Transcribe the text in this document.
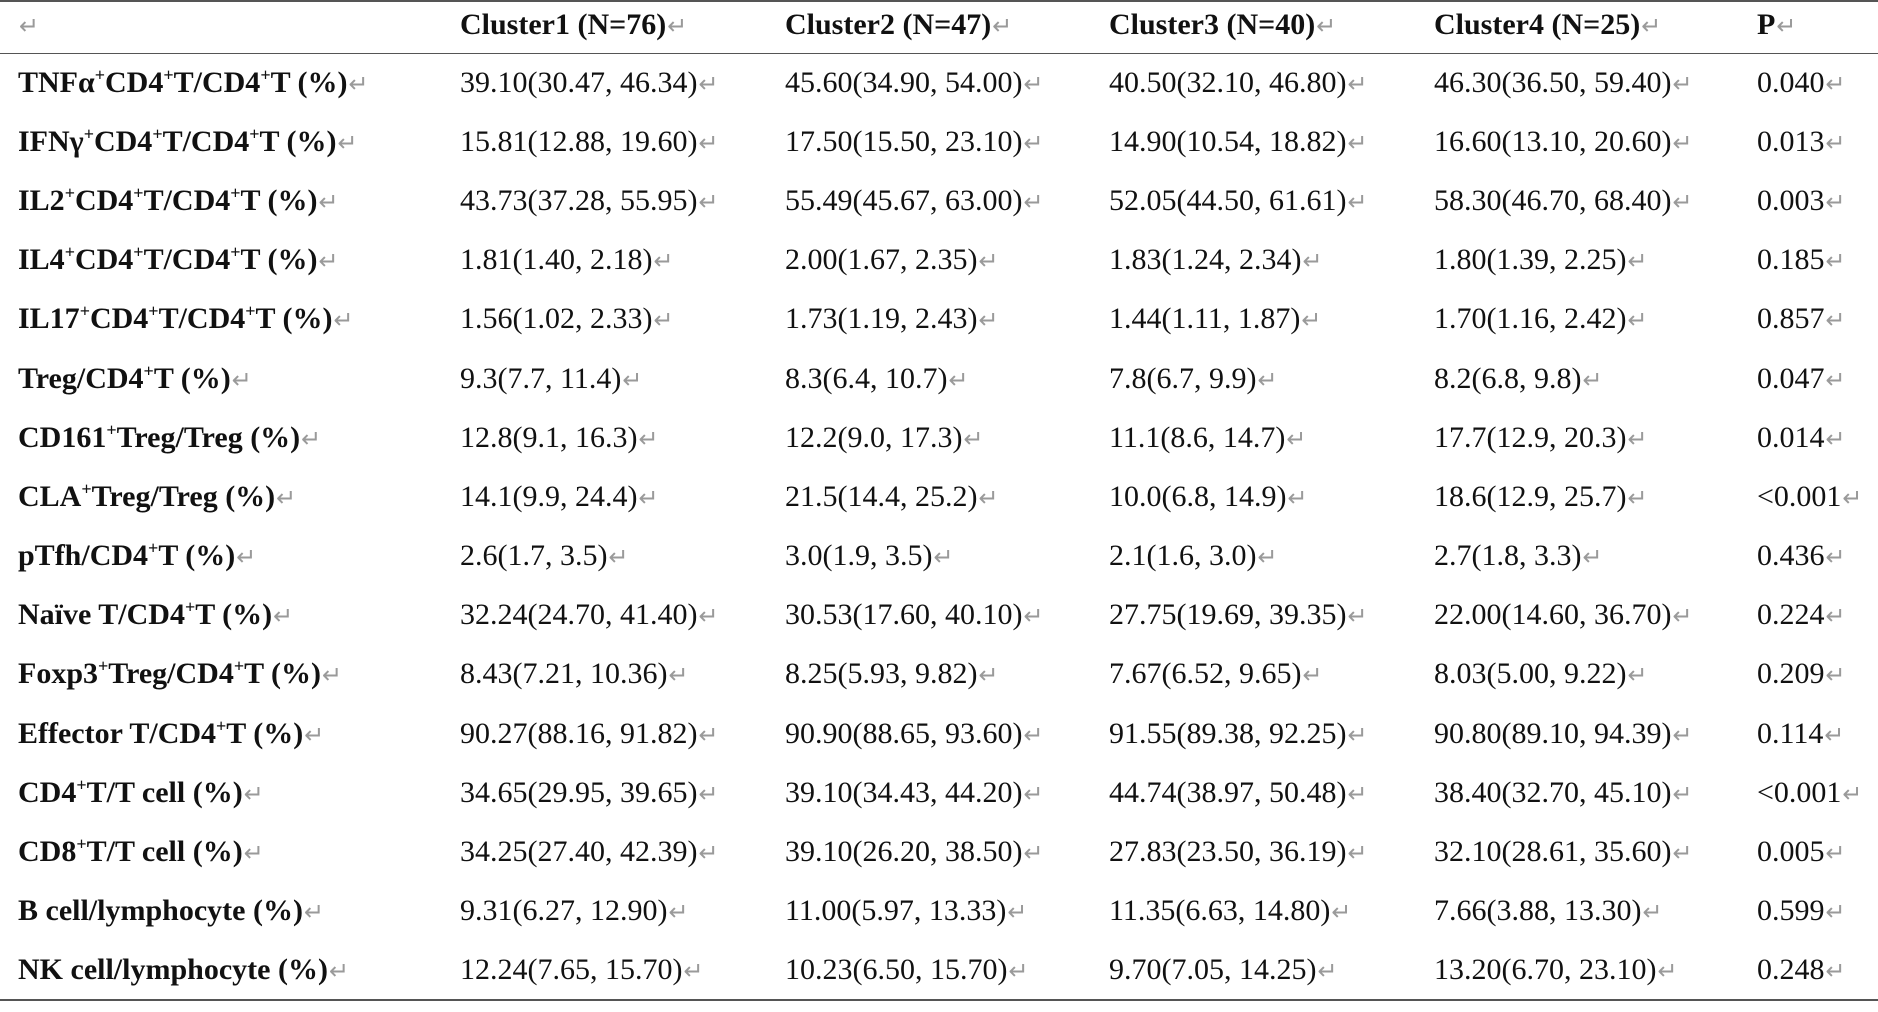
↵	Cluster1 (N=76)↵	Cluster2 (N=47)↵	Cluster3 (N=40)↵	Cluster4 (N=25)↵	P↵
TNFα+CD4+T/CD4+T (%)↵	39.10(30.47, 46.34)↵	45.60(34.90, 54.00)↵	40.50(32.10, 46.80)↵	46.30(36.50, 59.40)↵	0.040↵
IFNγ+CD4+T/CD4+T (%)↵	15.81(12.88, 19.60)↵	17.50(15.50, 23.10)↵	14.90(10.54, 18.82)↵	16.60(13.10, 20.60)↵	0.013↵
IL2+CD4+T/CD4+T (%)↵	43.73(37.28, 55.95)↵	55.49(45.67, 63.00)↵	52.05(44.50, 61.61)↵	58.30(46.70, 68.40)↵	0.003↵
IL4+CD4+T/CD4+T (%)↵	1.81(1.40, 2.18)↵	2.00(1.67, 2.35)↵	1.83(1.24, 2.34)↵	1.80(1.39, 2.25)↵	0.185↵
IL17+CD4+T/CD4+T (%)↵	1.56(1.02, 2.33)↵	1.73(1.19, 2.43)↵	1.44(1.11, 1.87)↵	1.70(1.16, 2.42)↵	0.857↵
Treg/CD4+T (%)↵	9.3(7.7, 11.4)↵	8.3(6.4, 10.7)↵	7.8(6.7, 9.9)↵	8.2(6.8, 9.8)↵	0.047↵
CD161+Treg/Treg (%)↵	12.8(9.1, 16.3)↵	12.2(9.0, 17.3)↵	11.1(8.6, 14.7)↵	17.7(12.9, 20.3)↵	0.014↵
CLA+Treg/Treg (%)↵	14.1(9.9, 24.4)↵	21.5(14.4, 25.2)↵	10.0(6.8, 14.9)↵	18.6(12.9, 25.7)↵	<0.001↵
pTfh/CD4+T (%)↵	2.6(1.7, 3.5)↵	3.0(1.9, 3.5)↵	2.1(1.6, 3.0)↵	2.7(1.8, 3.3)↵	0.436↵
Naïve T/CD4+T (%)↵	32.24(24.70, 41.40)↵	30.53(17.60, 40.10)↵	27.75(19.69, 39.35)↵	22.00(14.60, 36.70)↵	0.224↵
Foxp3+Treg/CD4+T (%)↵	8.43(7.21, 10.36)↵	8.25(5.93, 9.82)↵	7.67(6.52, 9.65)↵	8.03(5.00, 9.22)↵	0.209↵
Effector T/CD4+T (%)↵	90.27(88.16, 91.82)↵	90.90(88.65, 93.60)↵	91.55(89.38, 92.25)↵	90.80(89.10, 94.39)↵	0.114↵
CD4+T/T cell (%)↵	34.65(29.95, 39.65)↵	39.10(34.43, 44.20)↵	44.74(38.97, 50.48)↵	38.40(32.70, 45.10)↵	<0.001↵
CD8+T/T cell (%)↵	34.25(27.40, 42.39)↵	39.10(26.20, 38.50)↵	27.83(23.50, 36.19)↵	32.10(28.61, 35.60)↵	0.005↵
B cell/lymphocyte (%)↵	9.31(6.27, 12.90)↵	11.00(5.97, 13.33)↵	11.35(6.63, 14.80)↵	7.66(3.88, 13.30)↵	0.599↵
NK cell/lymphocyte (%)↵	12.24(7.65, 15.70)↵	10.23(6.50, 15.70)↵	9.70(7.05, 14.25)↵	13.20(6.70, 23.10)↵	0.248↵
